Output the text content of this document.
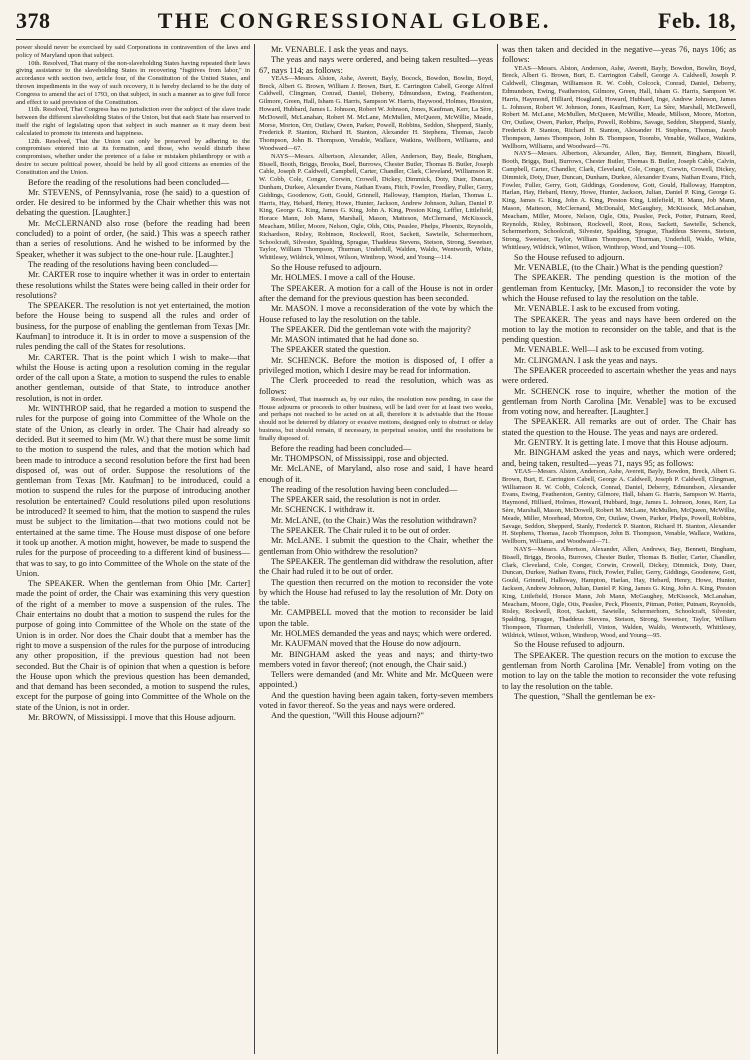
378	THE CONGRESSIONAL GLOBE.	Feb. 18,

power should never be exercised by said Corporations in contravention of the laws and policy of Maryland upon that subject.

10th. Resolved, That many of the non-slaveholding States having repeated their laws giving assistance to the slaveholding States in recovering "fugitives from labor," in accordance with section two, article four, of the Constitution of the United States, and thrown impediments in the way of such recovery, it is hereby declared to be the duty of Congress to amend the act of 1793, on that subject, in such a manner as to give full force and effect to said provision of the Constitution.

11th. Resolved, That Congress has no jurisdiction over the subject of the slave trade between the different slaveholding States of the Union, but that each State has reserved to itself the right of legislating upon that subject in such manner as it may deem best calculated to promote its interests and happiness.

12th. Resolved, That the Union can only be preserved by adhering to the compromises entered into at its formation, and those, who would disturb these compromises, whether under the pretence of a false or mistaken philanthropy or with a desire to secure political power, should be held by all good citizens as enemies of the Constitution and the Union.

Before the reading of the resolutions had been concluded—

Mr. STEVENS, of Pennsylvania, rose (he said) to a question of order. He desired to be informed by the Chair whether this was not debating the question. [Laughter.]

Mr. McCLERNAND also rose (before the reading had been concluded) to a point of order, (he said.) This was a speech rather than a series of resolutions. And he wished to be informed by the Speaker, whether it was subject to the one-hour rule. [Laughter.]

The reading of the resolutions having been concluded—

Mr. CARTER rose to inquire whether it was in order to entertain these resolutions whilst the States were being called in their order for resolutions?

The SPEAKER. The resolution is not yet entertained, the motion before the House being to suspend all the rules and order of business, for the purpose of enabling the gentleman from Texas [Mr. Kaufman] to introduce it. It is in order to move a suspension of the rules pending the call of the States for resolutions.

Mr. CARTER. That is the point which I wish to make—that whilst the House is acting upon a resolution coming in the regular order of the call upon a State, a motion to suspend the rules to enable another gentleman, outside of that State, to introduce another resolution, is not in order.

Mr. WINTHROP said, that he regarded a motion to suspend the rules for the purpose of going into Committee of the Whole on the state of the Union, as clearly in order. The Chair had already so decided. But it seemed to him (Mr. W.) that there must be some limit to the motion to suspend the rules, and that the motion which had been made to introduce a second resolution before the first had been disposed of, was out of order. Suppose the resolutions of the gentleman from Texas [Mr. Kaufman] to be introduced, could a motion to suspend the rules for the purpose of introducing another resolution be entertained? Could resolutions piled upon resolutions be introduced? It seemed to him, that the motion to suspend the rules must be subject to the limitation—that two motions could not be entertained at the same time. The House must dispose of one before it took up another. A motion might, however, be made to suspend the rules for the purpose of proceeding to a different kind of business—that was to say, to go into Committee of the Whole on the state of the Union.

The SPEAKER. When the gentleman from Ohio [Mr. Carter] made the point of order, the Chair was examining this very question of the right of a member to move a suspension of the rules. The Chair entertains no doubt that a motion to suspend the rules for the purpose of going into Committee of the Whole on the state of the Union is in order. Nor does the Chair doubt that a member has the right to move a suspension of the rules for the purpose of introducing any other proposition, if the previous question had not been seconded. But the Chair is of opinion that when a question is before the House upon which the previous question has been demanded, and that demand has been seconded, a motion to suspend the rules, except for the purpose of going into Committee of the Whole on the state of the Union, is not in order.

Mr. BROWN, of Mississippi. I move that this House adjourn.

Mr. VENABLE. I ask the yeas and nays.

The yeas and nays were ordered, and being taken resulted—yeas 67, nays 114; as follows:

YEAS—Messrs. Alston, Ashe, Averett, Bayly, Bocock, Bowdon, Bowlin, Boyd, Breck, Albert G. Brown, William J. Brown, Burt, E. Carrington Cabell, George Alfred Caldwell, Clingman, Conrad, Daniel, Deberry, Edmundson, Ewing, Featherston, Gilmore, Green, Hall, Isham G. Harris, Sampson W. Harris, Haywood, Holmes, Houston, Howard, Hubbard, James L. Johnson, Robert W. Johnson, Jones, Kaufman, Kerr, La Sère, McDowell, McLanahan, Robert M. McLane, McMullen, McQueen, McWillie, Meade, Morse, Morton, Orr, Outlaw, Owen, Parker, Powell, Robbins, Seddon, Shepperd, Stanly, Frederick P. Stanton, Richard H. Stanton, Alexander H. Stephens, Thomas, Jacob Thompson, John B. Thompson, Venable, Wallace, Watkins, Wellborn, Williams, and Woodward—67.

NAYS—Messrs. Albertson, Alexander, Allen, Anderson, Bay, Beale, Bingham, Bissell, Booth, Briggs, Brooks, Buel, Burrows, Chester Butler, Thomas B. Butler, Joseph Cable, Joseph P. Caldwell, Campbell, Carter, Chandler, Clark, Cleveland, Williamson R. W. Cobb, Cole, Conger, Corwin, Crowell, Dickey, Dimmick, Doty, Duer, Duncan, Dunham, Durkee, Alexander Evans, Nathan Evans, Fitch, Fowler, Freedley, Fuller, Gerry, Giddings, Goodenow, Gott, Gould, Grinnell, Halloway, Hampton, Harlan, Thomas L. Harris, Hay, Hebard, Henry, Howe, Hunter, Jackson, Andrew Johnson, Julian, Daniel P. King, George G. King, James G. King, John A. King, Preston King, Leffler, Littlefield, Horace Mann, Job Mann, Marshall, Mason, Matteson, McClernand, McKissock, Meacham, Miller, Moore, Nelson, Ogle, Olds, Otis, Peaslee, Phelps, Phoenix, Reynolds, Richardson, Risley, Robinson, Rockwell, Root, Sackett, Sawtelle, Schermerhorn, Schoolcraft, Silvester, Spalding, Sprague, Thaddeus Stevens, Stetson, Strong, Sweetser, Taylor, William Thompson, Thurman, Underhill, Walden, Waldo, Wentworth, White, Whittlesey, Wildrick, Wilmot, Wilson, Winthrop, Wood, and Young—114.

So the House refused to adjourn.

Mr. HOLMES. I move a call of the House.

The SPEAKER. A motion for a call of the House is not in order after the demand for the previous question has been seconded.

Mr. MASON. I move a reconsideration of the vote by which the House refused to lay the resolution on the table.

The SPEAKER. Did the gentleman vote with the majority?

Mr. MASON intimated that he had done so.

The SPEAKER stated the question.

Mr. SCHENCK. Before the motion is disposed of, I offer a privileged motion, which I desire may be read for information.

The Clerk proceeded to read the resolution, which was as follows:

Resolved, That inasmuch as, by our rules, the resolution now pending, in case the House adjourns or proceeds to other business, will be laid over for at least two weeks, and perhaps not reached to be acted on at all, therefore it is advisable that the House should not be deterred by dilatory or evasive motions, designed only to obstruct or delay business, but should remain, if necessary, in perpetual session, until the resolutions be finally disposed of.

Before the reading had been concluded—

Mr. THOMPSON, of Mississippi, rose and objected.

Mr. McLANE, of Maryland, also rose and said, I have heard enough of it.

The reading of the resolution having been concluded—

The SPEAKER said, the resolution is not in order.

Mr. SCHENCK. I withdraw it.

Mr. McLANE, (to the Chair.) Was the resolution withdrawn?

The SPEAKER. The Chair ruled it to be out of order.

Mr. McLANE. I submit the question to the Chair, whether the gentleman from Ohio withdrew the resolution?

The SPEAKER. The gentleman did withdraw the resolution, after the Chair had ruled it to be out of order.

The question then recurred on the motion to reconsider the vote by which the House had refused to lay the resolution of Mr. Doty on the table.

Mr. CAMPBELL moved that the motion to reconsider be laid upon the table.

Mr. HOLMES demanded the yeas and nays; which were ordered.

Mr. KAUFMAN moved that the House do now adjourn.

Mr. BINGHAM asked the yeas and nays; and thirty-two members voted in favor thereof; (not enough, the Chair said.)

Tellers were demanded (and Mr. White and Mr. McQueen were appointed.)

And the question having been again taken, forty-seven members voted in favor thereof. So the yeas and nays were ordered.

And the question, "Will this House adjourn?"

was then taken and decided in the negative—yeas 76, nays 106; as follows:

YEAS—Messrs. Alston, Anderson, Ashe, Averett, Bayly, Bowdon, Bowlin, Boyd, Breck, Albert G. Brown, Burt, E. Carrington Cabell, George A. Caldwell, Joseph P. Caldwell, Clingman, Williamson R. W. Cobb, Colcock, Conrad, Daniel, Deberry, Edmundson, Ewing, Featherston, Gilmore, Green, Hall, Isham G. Harris, Sampson W. Harris, Haymond, Hilliard, Hoagland, Howard, Hubbard, Inge, Andrew Johnson, James L. Johnson, Robert W. Johnson, Jones, Kaufman, Kerr, La Sère, Marshall, McDowell, Robert M. McLane, McMullen, McQueen, McWillie, Meade, Millson, Moore, Morton, Orr, Outlaw, Owen, Parker, Phelps, Powell, Robbins, Savage, Seddon, Shepperd, Stanly, Frederick P. Stanton, Richard H. Stanton, Alexander H. Stephens, Thomas, Jacob Thompson, James Thompson, John B. Thompson, Toombs, Venable, Wallace, Watkins, Wellborn, Williams, and Woodward—76.

NAYS—Messrs. Albertson, Alexander, Allen, Bay, Bennett, Bingham, Bissell, Booth, Briggs, Buel, Burrows, Chester Butler, Thomas B. Butler, Joseph Cable, Calvin, Campbell, Carter, Chandler, Clark, Cleveland, Cole, Conger, Corwin, Crowell, Dickey, Dimmick, Doty, Duer, Duncan, Dunham, Durkee, Alexander Evans, Nathan Evans, Fitch, Fowler, Fuller, Gerry, Gott, Giddings, Goodenow, Gott, Gould, Halloway, Hampton, Harlan, Hay, Hebard, Henry, Howe, Hunter, Jackson, Julian, Daniel P. King, George G. King, James G. King, John A. King, Preston King, Littlefield, H. Mann, Job Mann, Mason, Matteson, McClernand, McDonald, McGaughey, McKissock, McLanahan, Meacham, Miller, Moore, Nelson, Ogle, Otis, Peaslee, Peck, Potter, Putnam, Reed, Reynolds, Risley, Robinson, Rockwell, Root, Ross, Sackett, Sawtelle, Schenck, Schermerhorn, Schoolcraft, Silvester, Spalding, Sprague, Thaddeus Stevens, Stetson, Strong, Sweetser, Taylor, William Thompson, Thurman, Underhill, Waldo, White, Whittlesey, Wildrick, Wilmot, Wilson, Winthrop, Wood, and Young—106.

So the House refused to adjourn.

Mr. VENABLE, (to the Chair.) What is the pending question?

The SPEAKER. The pending question is the motion of the gentleman from Kentucky, [Mr. Mason,] to reconsider the vote by which the House refused to lay the resolution on the table.

Mr. VENABLE. I ask to be excused from voting.

The SPEAKER. The yeas and nays have been ordered on the motion to lay the motion to reconsider on the table, and that is the pending question.

Mr. VENABLE. Well—I ask to be excused from voting.

Mr. CLINGMAN. I ask the yeas and nays.

The SPEAKER proceeded to ascertain whether the yeas and nays were ordered.

Mr. SCHENCK rose to inquire, whether the motion of the gentleman from North Carolina [Mr. Venable] was to be excused from voting now, and hereafter. [Laughter.]

The SPEAKER. All remarks are out of order. The Chair has stated the question to the House. The yeas and nays are ordered.

Mr. GENTRY. It is getting late. I move that this House adjourn.

Mr. BINGHAM asked the yeas and nays, which were ordered; and, being taken, resulted—yeas 71, nays 95; as follows:

YEAS—Messrs. Alston, Anderson, Ashe, Averett, Bayly, Bowdon, Breck, Albert G. Brown, Burt, E. Carrington Cabell, George A. Caldwell, Joseph P. Caldwell, Clingman, Williamson R. W. Cobb, Colcock, Conrad, Daniel, Deberry, Edmundson, Alexander Evans, Ewing, Featherston, Gentry, Gilmore, Hall, Isham G. Harris, Sampson W. Harris, Haymond, Hilliard, Holmes, Howard, Hubbard, Inge, James L. Johnson, Jones, Kerr, La Sère, Marshall, Mason, McDowell, Robert M. McLane, McMullen, McQueen, McWillie, Meade, Miller, Moorhead, Morton, Orr, Outlaw, Owen, Parker, Phelps, Powell, Robbins, Savage, Seddon, Shepperd, Stanly, Frederick P. Stanton, Richard H. Stanton, Alexander H. Stephens, Thomas, Jacob Thompson, John B. Thompson, Venable, Wallace, Watkins, Wellborn, Williams, and Woodward—71.

NAYS—Messrs. Albertson, Alexander, Allen, Andrews, Bay, Bennett, Bingham, Bissell, Briggs, Brooks, Burrows, Chester Butler, Thomas B. Butler, Carter, Chandler, Clark, Cleveland, Cole, Conger, Corwin, Crowell, Dickey, Dimmick, Doty, Duer, Duncan, Durkee, Nathan Evans, Fitch, Fowler, Fuller, Gerry, Giddings, Goodenow, Gott, Gould, Grinnell, Halloway, Hampton, Harlan, Hay, Hebard, Henry, Howe, Hunter, Jackson, Andrew Johnson, Julian, Daniel P. King, James G. King, John A. King, Preston King, Littlefield, Horace Mann, Job Mann, McGaughey, McKissock, McLanahan, Meacham, Moore, Ogle, Otis, Peaslee, Peck, Phoenix, Pitman, Potter, Putnam, Reynolds, Risley, Rockwell, Root, Sackett, Sawtelle, Schermerhorn, Schoolcraft, Silvester, Spalding, Sprague, Thaddeus Stevens, Stetson, Strong, Sweetser, Taylor, William Thompson, Thurman, Underhill, Vinton, Walden, Waldo, Wentworth, Whittlesey, Wildrick, Wilmot, Wilson, Winthrop, Wood, and Young—95.

So the House refused to adjourn.

The SPEAKER. The question recurs on the motion to excuse the gentleman from North Carolina [Mr. Venable] from voting on the motion to lay on the table the motion to reconsider the vote refusing to lay the resolution on the table.

The question, "Shall the gentleman be ex-
